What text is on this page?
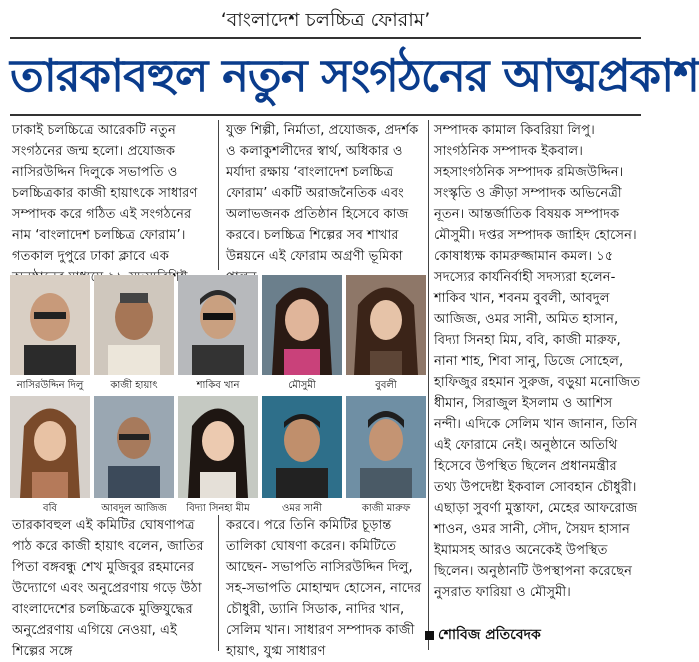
‘বাংলাদেশ চলচ্চিত্র ফোরাম’
তারকাবহুল নতুন সংগঠনের আত্মপ্রকাশ

ঢাকাই চলচ্চিত্রে আরেকটি নতুন সংগঠনের জন্ম হলো। প্রযোজক নাসিরউদ্দিন দিলুকে সভাপতি ও চলচ্চিত্রকার কাজী হায়াৎকে সাধারণ সম্পাদক করে গঠিত এই সংগঠনের নাম ‘বাংলাদেশ চলচ্চিত্র ফোরাম’। গতকাল দুপুরে ঢাকা ক্লাবে এক

যুক্ত শিল্পী, নির্মাতা, প্রযোজক, প্রদর্শক ও কলাকুশলীদের স্বার্থ, অধিকার ও মর্যাদা রক্ষায় ‘বাংলাদেশ চলচ্চিত্র ফোরাম’ একটি অরাজনৈতিক এবং অলাভজনক প্রতিষ্ঠান হিসেবে কাজ করবে। চলচ্চিত্র শিল্পের সব শাখার উন্নয়নে এই ফোরাম অগ্রণী ভূমিকা

সম্পাদক কামাল কিবরিয়া লিপু। সাংগঠনিক সম্পাদক ইকবাল। সহসাংগঠনিক সম্পাদক রমিজউদ্দিন। সংস্কৃতি ও ক্রীড়া সম্পাদক অভিনেত্রী নূতন। আন্তর্জাতিক বিষয়ক সম্পাদক মৌসুমী। দপ্তর সম্পাদক জাহিদ হোসেন। কোষাধ্যক্ষ কামরুজ্জামান কমল। ১৫ সদস্যের কার্যনির্বাহী সদস্যরা হলেন- শাকিব খান, শবনম বুবলী, আবদুল আজিজ, ওমর সানী, অমিত হাসান, বিদ্যা সিনহা মিম, ববি, কাজী মারুফ, নানা শাহ, শিবা সানু, ডিজে সোহেল, হাফিজুর রহমান সুরুজ, বড়ুয়া মনোজিত ধীমান, সিরাজুল ইসলাম ও আশিস নন্দী। এদিকে সেলিম খান জানান, তিনি এই ফোরামে নেই। অনুষ্ঠানে অতিথি হিসেবে উপস্থিত ছিলেন প্রধানমন্ত্রীর তথ্য উপদেষ্টা ইকবাল সোবহান চৌধুরী। এছাড়া সুবর্ণা মুস্তাফা, মেহের আফরোজ শাওন, ওমর সানী, সৌদ, সৈয়দ হাসান ইমামসহ আরও অনেকেই উপস্থিত ছিলেন। অনুষ্ঠানটি উপস্থাপনা করেছেন নুসরাত ফারিয়া ও মৌসুমী।

নাসিরউদ্দিন দিলু	কাজী হায়াৎ	শাকিব খান	মৌসুমী	বুবলী
ববি	আবদুল আজিজ	বিদ্যা সিনহা মীম	ওমর সানী	কাজী মারুফ

তারকাবহুল এই কমিটির ঘোষণাপত্র পাঠ করে কাজী হায়াৎ বলেন, জাতির পিতা বঙ্গবন্ধু শেখ মুজিবুর রহমানের উদ্যোগে এবং অনুপ্রেরণায় গড়ে উঠা বাংলাদেশের চলচ্চিত্রকে মুক্তিযুদ্ধের অনুপ্রেরণায় এগিয়ে নেওয়া, এই শিল্পের সঙ্গে

করবে। পরে তিনি কমিটির চূড়ান্ত তালিকা ঘোষণা করেন। কমিটিতে আছেন- সভাপতি নাসিরউদ্দিন দিলু, সহ-সভাপতি মোহাম্মদ হোসেন, নাদের চৌধুরী, ড্যানি সিডাক, নাদির খান, সেলিম খান। সাধারণ সম্পাদক কাজী হায়াৎ, যুগ্ম সাধারণ

শোবিজ প্রতিবেদক
